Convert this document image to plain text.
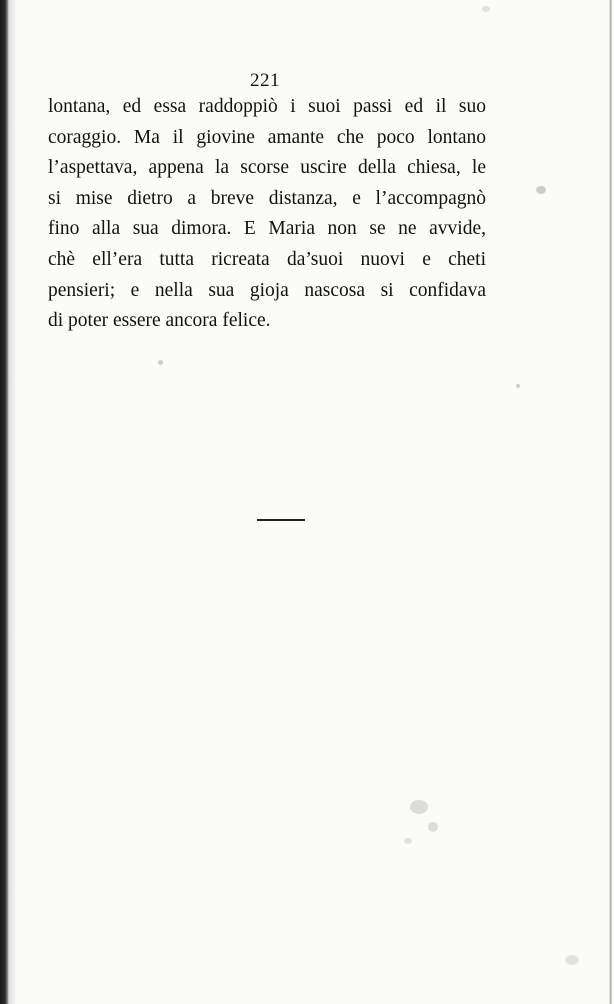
221
lontana, ed essa raddoppiò i suoi passi ed il suo
coraggio. Ma il giovine amante che poco lontano
l’aspettava, appena la scorse uscire della chiesa, le
si mise dietro a breve distanza, e l’accompagnò
fino alla sua dimora. E Maria non se ne avvide,
chè ell’era tutta ricreata da’suoi nuovi e cheti
pensieri; e nella sua gioja nascosa si confidava
di poter essere ancora felice.
